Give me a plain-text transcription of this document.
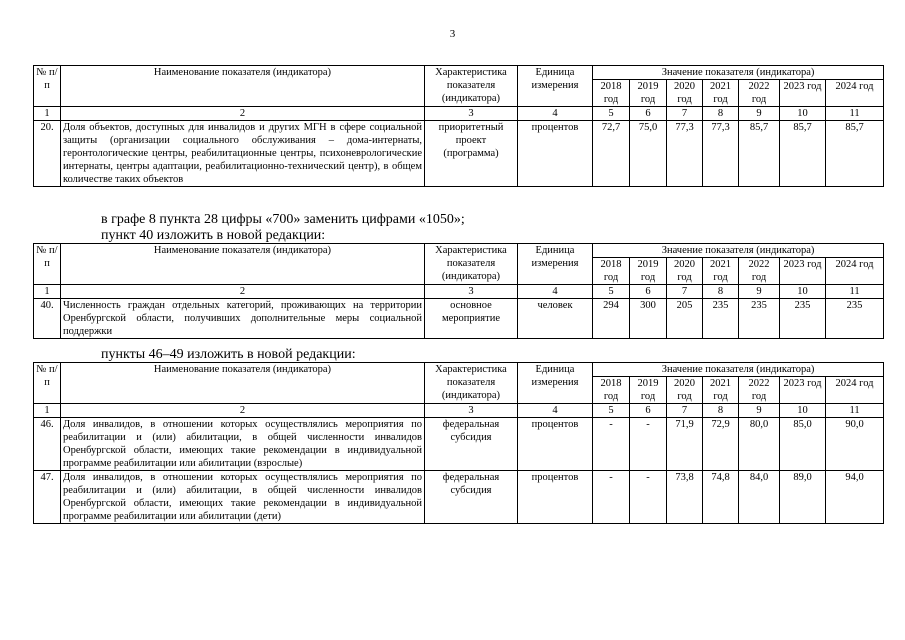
3
№ п/п	Наименование показателя (индикатора)	Характеристика показателя (индикатора)	Единица измерения	Значение показателя (индикатора)						
				2018 год	2019 год	2020 год	2021 год	2022 год	2023 год	2024 год
1	2	3	4	5	6	7	8	9	10	11
20.	Доля объектов, доступных для инвалидов и других МГН в сфере социальной защиты (организации социального обслуживания – дома-интернаты, геронтологические центры, реабилитационные центры, психоневрологические интернаты, центры адаптации, реабилитационно-технический центр), в общем количестве таких объектов	приоритетный проект (программа)	процентов	72,7	75,0	77,3	77,3	85,7	85,7	85,7
в графе 8 пункта 28 цифры «700» заменить цифрами «1050»;
пункт 40 изложить в новой редакции:
№ п/п	Наименование показателя (индикатора)	Характеристика показателя (индикатора)	Единица измерения	Значение показателя (индикатора)						
				2018 год	2019 год	2020 год	2021 год	2022 год	2023 год	2024 год
1	2	3	4	5	6	7	8	9	10	11
40.	Численность граждан отдельных категорий, проживающих на территории Оренбургской области, получивших дополнительные меры социальной поддержки	основное мероприятие	человек	294	300	205	235	235	235	235
пункты 46–49 изложить в новой редакции:
№ п/п	Наименование показателя (индикатора)	Характеристика показателя (индикатора)	Единица измерения	Значение показателя (индикатора)						
				2018 год	2019 год	2020 год	2021 год	2022 год	2023 год	2024 год
1	2	3	4	5	6	7	8	9	10	11
46.	Доля инвалидов, в отношении которых осуществлялись мероприятия по реабилитации и (или) абилитации, в общей численности инвалидов Оренбургской области, имеющих такие рекомендации в индивидуальной программе реабилитации или абилитации (взрослые)	федеральная субсидия	процентов	-	-	71,9	72,9	80,0	85,0	90,0
47.	Доля инвалидов, в отношении которых осуществлялись мероприятия по реабилитации и (или) абилитации, в общей численности инвалидов Оренбургской области, имеющих такие рекомендации в индивидуальной программе реабилитации или абилитации (дети)	федеральная субсидия	процентов	-	-	73,8	74,8	84,0	89,0	94,0
